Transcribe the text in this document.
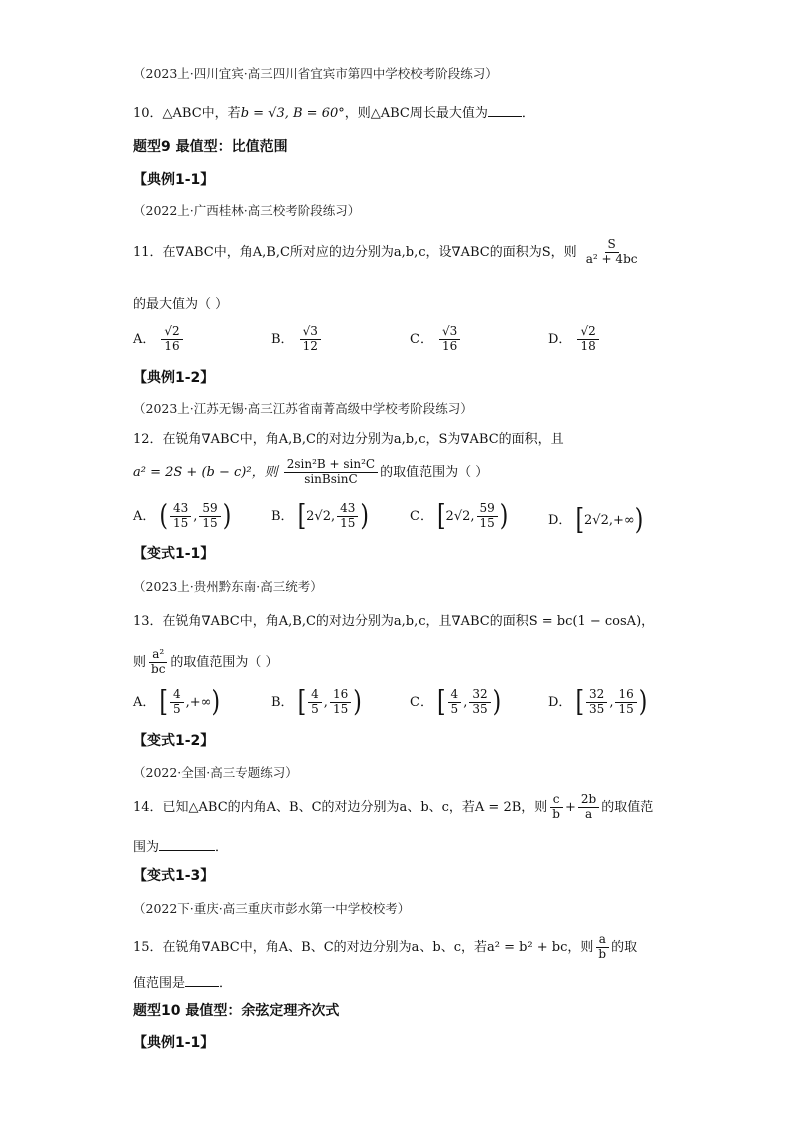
（2023上·四川宜宾·高三四川省宜宾市第四中学校校考阶段练习）
10．△ABC中，若b = √3, B = 60°，则△ABC周长最大值为	．
题型9 最值型：比值范围
【典例1-1】
（2022上·广西桂林·高三校考阶段练习）
11．在∇ABC中，角A,B,C所对应的边分别为a,b,c，设∇ABC的面积为S，则 $\frac{S}{\text{a² + 4bc}}$
的最大值为（ ）
A． $\frac{√2}{16}$	B． $\frac{√3}{12}$	C． $\frac{√3}{16}$	D． $\frac{√2}{18}$
【典例1-2】
（2023上·江苏无锡·高三江苏省南菁高级中学校考阶段练习）
12．在锐角∇ABC中，角A,B,C的对边分别为a,b,c，S为∇ABC的面积，且
a² = 2S + (b − c)²，则 $\frac{\text{2sin²B + sin²C}}{\text{sinBsinC}}$ 的取值范围为（ ）
A． ( $\frac{43}{15}$ , $\frac{59}{15}$ )	B． [2√2, $\frac{43}{15}$ )	C． [2√2, $\frac{59}{15}$ )	D． [2√2,+∞)
【变式1-1】
（2023上·贵州黔东南·高三统考）
13．在锐角∇ABC中，角A,B,C的对边分别为a,b,c，且∇ABC的面积S = bc(1 − cosA)，
则 $\frac{\text{a²}}{bc}$ 的取值范围为（ ）
A． [ $\frac{4}{5}$ ,+∞)	B． [ $\frac{4}{5}$ , $\frac{16}{15}$ )	C． [ $\frac{4}{5}$ , $\frac{32}{35}$ )	D． [ $\frac{32}{35}$ , $\frac{16}{15}$ )
【变式1-2】
（2022·全国·高三专题练习）
14．已知△ABC的内角A、B、C的对边分别为a、b、c，若A = 2B，则 $\frac{c}{b} + \frac{2b}{a}$ 的取值范
围为	．
【变式1-3】
（2022下·重庆·高三重庆市彭水第一中学校校考）
15．在锐角∇ABC中，角A、B、C的对边分别为a、b、c，若a² = b² + bc，则 $\frac{a}{b}$ 的取
值范围是	．
题型10 最值型：余弦定理齐次式
【典例1-1】
